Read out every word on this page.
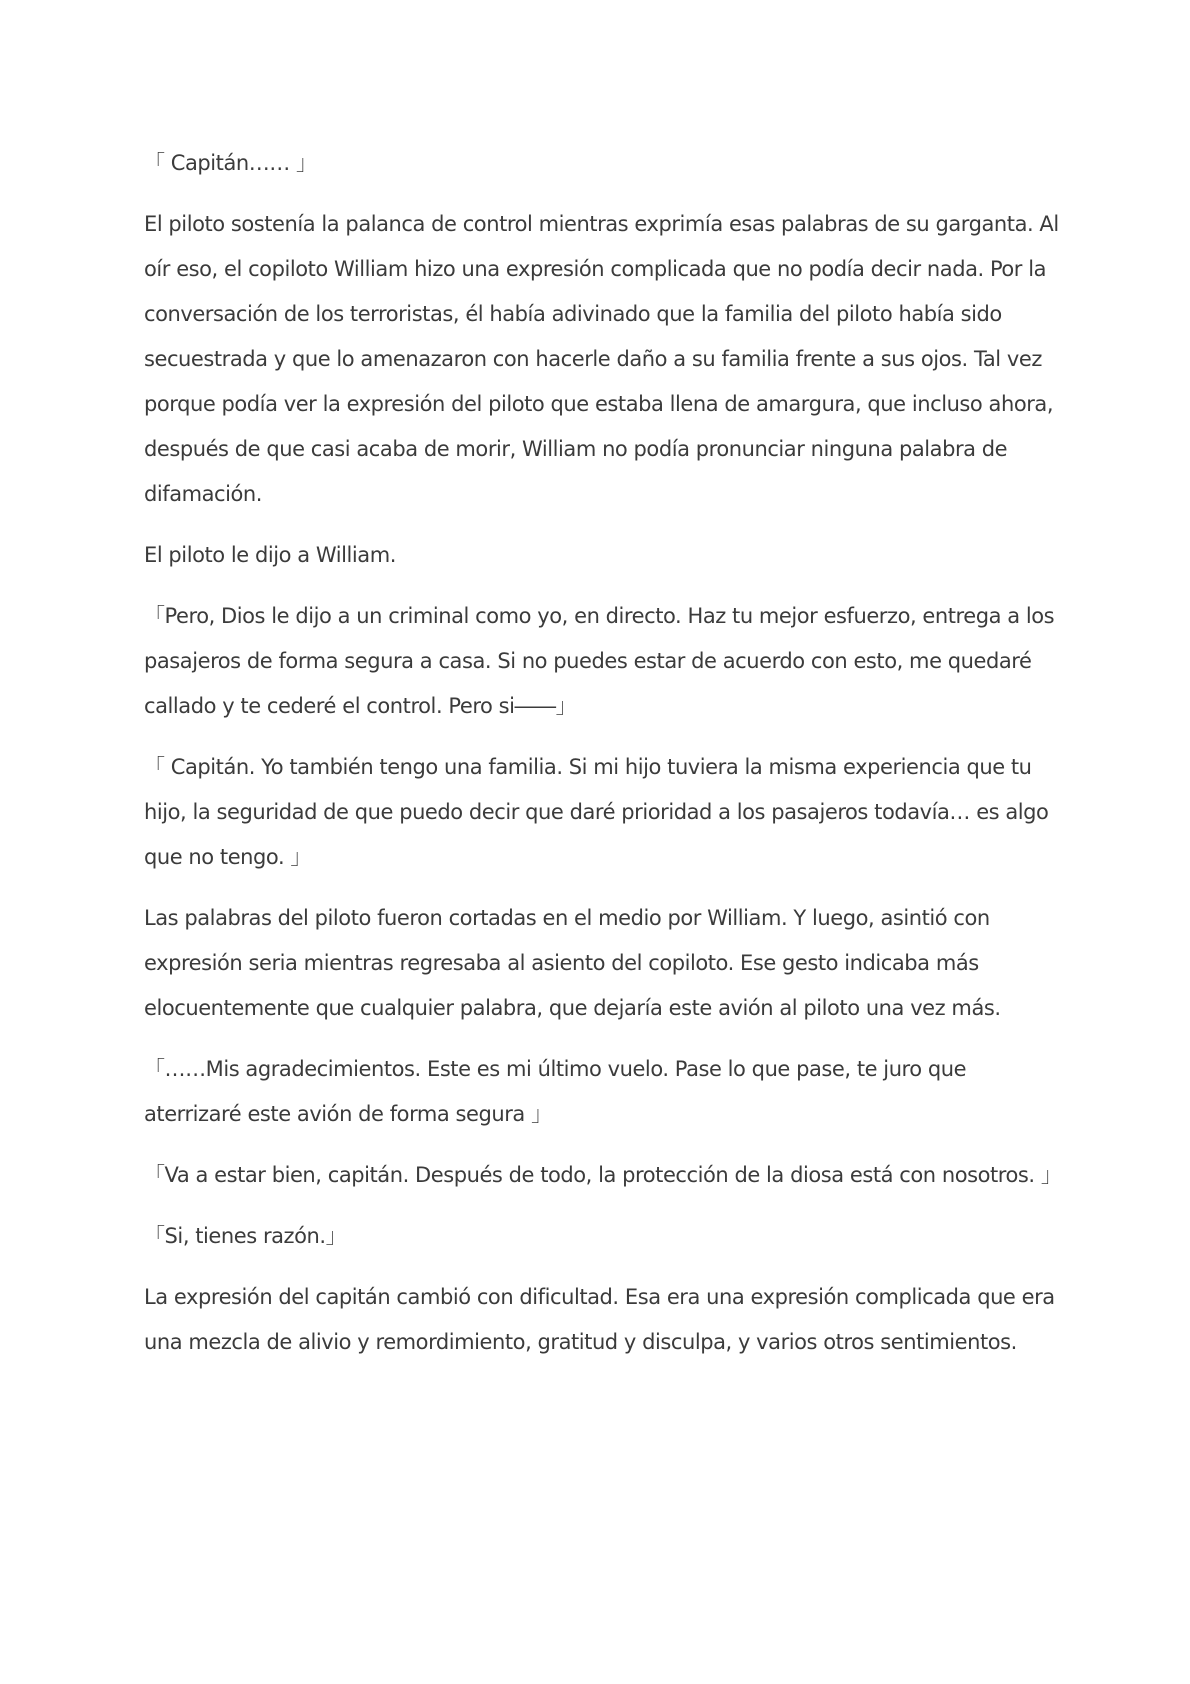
「 Capitán…… 」

El piloto sostenía la palanca de control mientras exprimía esas palabras de su garganta. Al oír eso, el copiloto William hizo una expresión complicada que no podía decir nada. Por la conversación de los terroristas, él había adivinado que la familia del piloto había sido secuestrada y que lo amenazaron con hacerle daño a su familia frente a sus ojos. Tal vez porque podía ver la expresión del piloto que estaba llena de amargura, que incluso ahora, después de que casi acaba de morir, William no podía pronunciar ninguna palabra de difamación.

El piloto le dijo a William.

「Pero, Dios le dijo a un criminal como yo, en directo. Haz tu mejor esfuerzo, entrega a los pasajeros de forma segura a casa. Si no puedes estar de acuerdo con esto, me quedaré callado y te cederé el control. Pero si――」

「 Capitán. Yo también tengo una familia. Si mi hijo tuviera la misma experiencia que tu hijo, la seguridad de que puedo decir que daré prioridad a los pasajeros todavía… es algo que no tengo. 」

Las palabras del piloto fueron cortadas en el medio por William. Y luego, asintió con expresión seria mientras regresaba al asiento del copiloto. Ese gesto indicaba más elocuentemente que cualquier palabra, que dejaría este avión al piloto una vez más.

「……Mis agradecimientos. Este es mi último vuelo. Pase lo que pase, te juro que aterrizaré este avión de forma segura 」

「Va a estar bien, capitán. Después de todo, la protección de la diosa está con nosotros. 」

「Si, tienes razón.」

La expresión del capitán cambió con dificultad. Esa era una expresión complicada que era una mezcla de alivio y remordimiento, gratitud y disculpa, y varios otros sentimientos.
